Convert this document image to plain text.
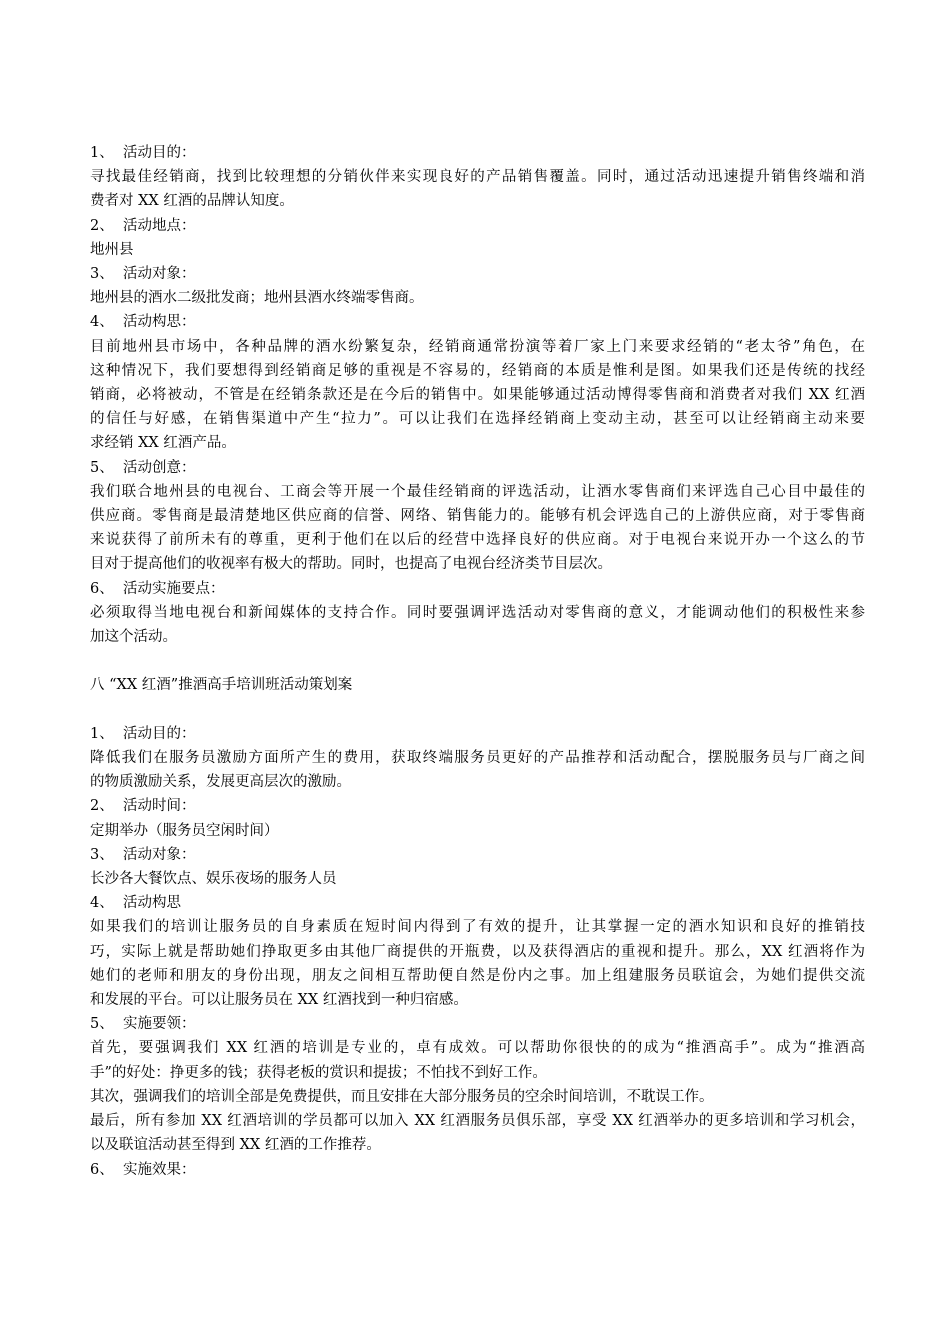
1、 活动目的：

寻找最佳经销商，找到比较理想的分销伙伴来实现良好的产品销售覆盖。同时，通过活动迅速提升销售终端和消

费者对 XX 红酒的品牌认知度。

2、 活动地点：

地州县

3、 活动对象：

地州县的酒水二级批发商；地州县酒水终端零售商。

4、 活动构思：

目前地州县市场中，各种品牌的酒水纷繁复杂，经销商通常扮演等着厂家上门来要求经销的“老太爷”角色，在

这种情况下，我们要想得到经销商足够的重视是不容易的，经销商的本质是惟利是图。如果我们还是传统的找经

销商，必将被动，不管是在经销条款还是在今后的销售中。如果能够通过活动博得零售商和消费者对我们 XX 红酒

的信任与好感，在销售渠道中产生“拉力”。可以让我们在选择经销商上变动主动，甚至可以让经销商主动来要

求经销 XX 红酒产品。

5、 活动创意：

我们联合地州县的电视台、工商会等开展一个最佳经销商的评选活动，让酒水零售商们来评选自己心目中最佳的

供应商。零售商是最清楚地区供应商的信誉、网络、销售能力的。能够有机会评选自己的上游供应商，对于零售商

来说获得了前所未有的尊重，更利于他们在以后的经营中选择良好的供应商。对于电视台来说开办一个这么的节

目对于提高他们的收视率有极大的帮助。同时，也提高了电视台经济类节目层次。

6、 活动实施要点：

必须取得当地电视台和新闻媒体的支持合作。同时要强调评选活动对零售商的意义，才能调动他们的积极性来参

加这个活动。

八 “XX 红酒”推酒高手培训班活动策划案

1、 活动目的：

降低我们在服务员激励方面所产生的费用，获取终端服务员更好的产品推荐和活动配合，摆脱服务员与厂商之间

的物质激励关系，发展更高层次的激励。

2、 活动时间：

定期举办（服务员空闲时间）

3、 活动对象：

长沙各大餐饮点、娱乐夜场的服务人员

4、 活动构思

如果我们的培训让服务员的自身素质在短时间内得到了有效的提升，让其掌握一定的酒水知识和良好的推销技

巧，实际上就是帮助她们挣取更多由其他厂商提供的开瓶费，以及获得酒店的重视和提升。那么，XX 红酒将作为

她们的老师和朋友的身份出现，朋友之间相互帮助便自然是份内之事。加上组建服务员联谊会，为她们提供交流

和发展的平台。可以让服务员在 XX 红酒找到一种归宿感。

5、 实施要领：

首先，要强调我们 XX 红酒的培训是专业的，卓有成效。可以帮助你很快的的成为“推酒高手”。成为“推酒高

手”的好处：挣更多的钱；获得老板的赏识和提拔；不怕找不到好工作。

其次，强调我们的培训全部是免费提供，而且安排在大部分服务员的空余时间培训，不耽误工作。

最后，所有参加 XX 红酒培训的学员都可以加入 XX 红酒服务员俱乐部，享受 XX 红酒举办的更多培训和学习机会，

以及联谊活动甚至得到 XX 红酒的工作推荐。

6、 实施效果：
